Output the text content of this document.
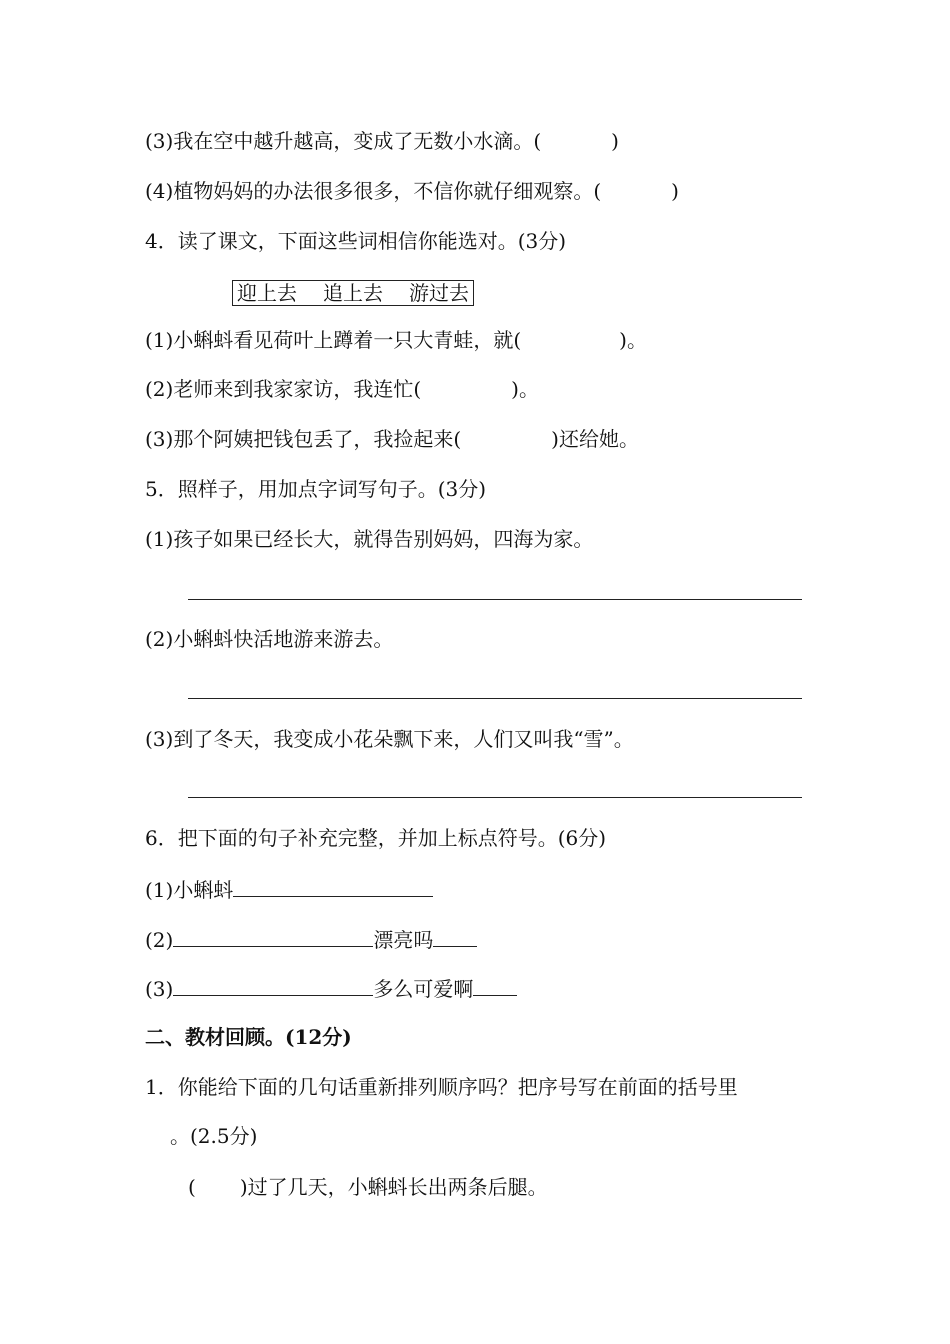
(3)我在空中越升越高，变成了无数小水滴。(	)
(4)植物妈妈的办法很多很多，不信你就仔细观察。(	)
4．读了课文，下面这些词相信你能选对。(3分)
迎上去 追上去 游过去
(1)小蝌蚪看见荷叶上蹲着一只大青蛙，就(	)。
(2)老师来到我家家访，我连忙(	)。
(3)那个阿姨把钱包丢了，我捡起来(	)还给她。
5．照样子，用加点字词写句子。(3分)
(1)孩子如果已经长大，就得告别妈妈，四海为家。
(2)小蝌蚪快活地游来游去。
(3)到了冬天，我变成小花朵飘下来，人们又叫我“雪”。
6．把下面的句子补充完整，并加上标点符号。(6分)
(1)小蝌蚪
(2)	漂亮吗
(3)	多么可爱啊
二、教材回顾。(12分)
1．你能给下面的几句话重新排列顺序吗？把序号写在前面的括号里
。(2.5分)
( )过了几天，小蝌蚪长出两条后腿。
